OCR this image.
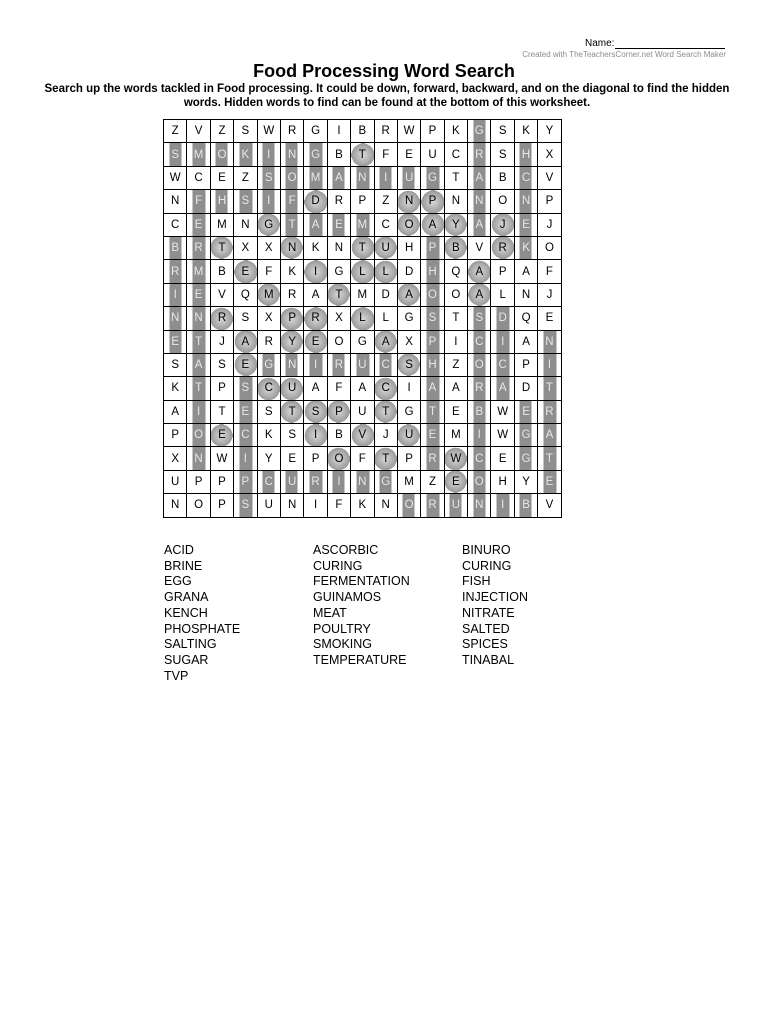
Name:
Created with TheTeachersCorner.net Word Search Maker
Food Processing Word Search
Search up the words tackled in Food processing. It could be down, forward, backward, and on the diagonal to find the hidden words. Hidden words to find can be found at the bottom of this worksheet.
Z	V	Z	S	W	R	G	I	B	R	W	P	K	G	S	K	Y
S	M	O	K	I	N	G	B	T	F	E	U	C	R	S	H	X
W	C	E	Z	S	O	M	A	N	I	U	G	T	A	B	C	V
N	F	H	S	I	F	D	R	P	Z	N	P	N	N	O	N	P
C	E	M	N	G	T	A	E	M	C	O	A	Y	A	J	E	J
B	R	T	X	X	N	K	N	T	U	H	P	B	V	R	K	O
R	M	B	E	F	K	I	G	L	L	D	H	Q	A	P	A	F
I	E	V	Q	M	R	A	T	M	D	A	O	O	A	L	N	J
N	N	R	S	X	P	R	X	L	L	G	S	T	S	D	Q	E
E	T	J	A	R	Y	E	O	G	A	X	P	I	C	I	A	N
S	A	S	E	G	N	I	R	U	C	S	H	Z	O	C	P	I
K	T	P	S	C	U	A	F	A	C	I	A	A	R	A	D	T
A	I	T	E	S	T	S	P	U	T	G	T	E	B	W	E	R
P	O	E	C	K	S	I	B	V	J	U	E	M	I	W	G	A
X	N	W	I	Y	E	P	O	F	T	P	R	W	C	E	G	T
U	P	P	P	C	U	R	I	N	G	M	Z	E	O	H	Y	E
N	O	P	S	U	N	I	F	K	N	O	R	U	N	I	B	V
ACID	ASCORBIC	BINURO
BRINE	CURING	CURING
EGG	FERMENTATION	FISH
GRANA	GUINAMOS	INJECTION
KENCH	MEAT	NITRATE
PHOSPHATE	POULTRY	SALTED
SALTING	SMOKING	SPICES
SUGAR	TEMPERATURE	TINABAL
TVP
